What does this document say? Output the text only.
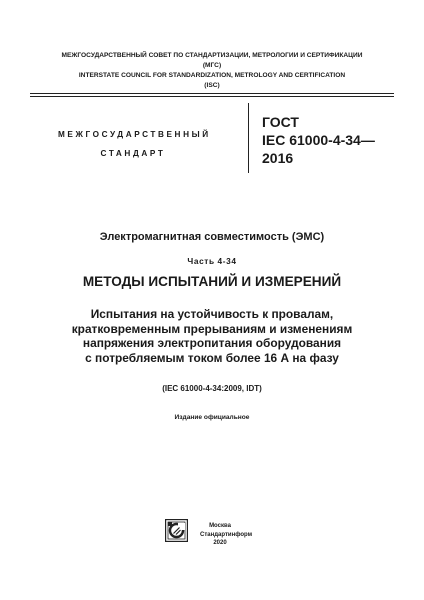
МЕЖГОСУДАРСТВЕННЫЙ СОВЕТ ПО СТАНДАРТИЗАЦИИ, МЕТРОЛОГИИ И СЕРТИФИКАЦИИ
(МГС)
INTERSTATE COUNCIL FOR STANDARDIZATION, METROLOGY AND CERTIFICATION
(ISC)
МЕЖГОСУДАРСТВЕННЫЙ
СТАНДАРТ
ГОСТ
IEC 61000-4-34—
2016
Электромагнитная совместимость (ЭМС)
Часть 4-34
МЕТОДЫ ИСПЫТАНИЙ И ИЗМЕРЕНИЙ
Испытания на устойчивость к провалам,
кратковременным прерываниям и изменениям
напряжения электропитания оборудования
с потребляемым током более 16 А на фазу
(IEC 61000-4-34:2009, IDT)
Издание официальное
Москва
Стандартинформ
2020
